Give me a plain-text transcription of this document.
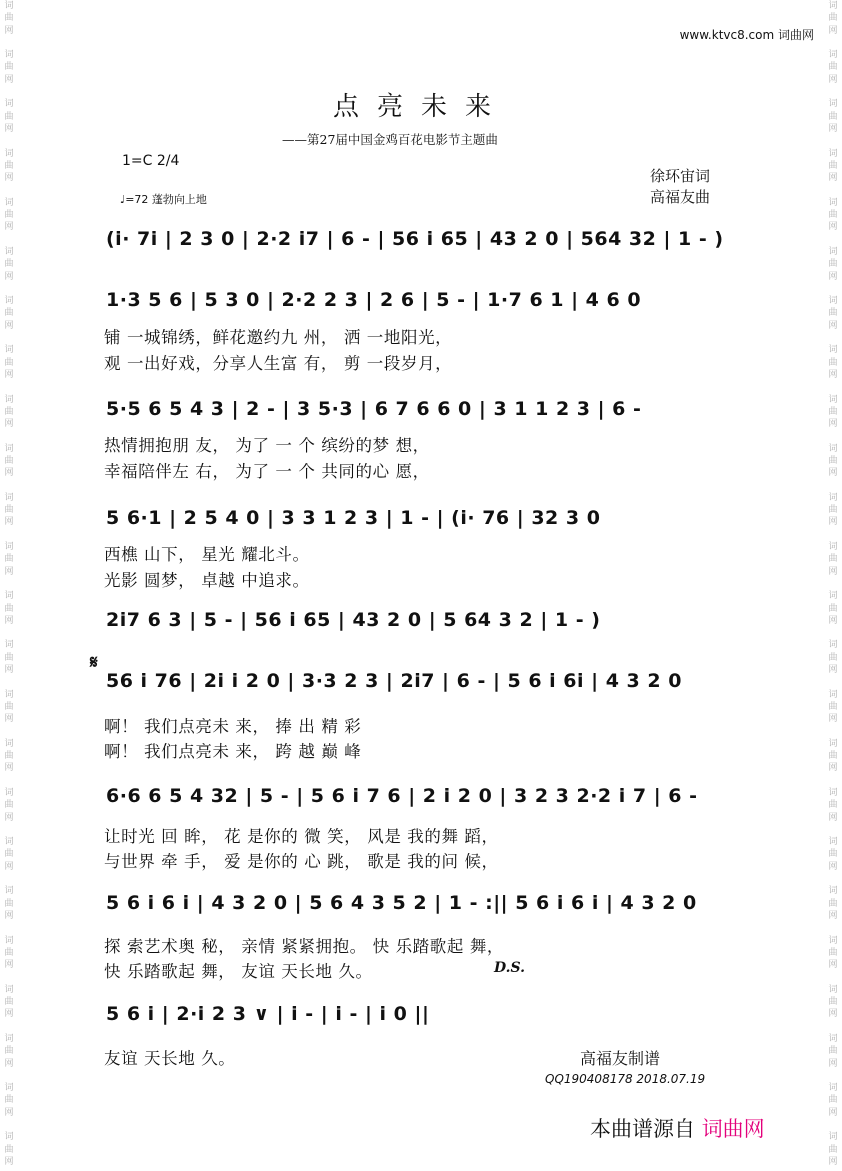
词
曲
网

词
曲
网

词
曲
网

词
曲
网

词
曲
网

词
曲
网

词
曲
网

词
曲
网

词
曲
网

词
曲
网

词
曲
网

词
曲
网

词
曲
网

词
曲
网

词
曲
网

词
曲
网

词
曲
网

词
曲
网

词
曲
网

词
曲
网

词
曲
网

词
曲
网

词
曲
网

词
曲
网
词
曲
网

词
曲
网

词
曲
网

词
曲
网

词
曲
网

词
曲
网

词
曲
网

词
曲
网

词
曲
网

词
曲
网

词
曲
网

词
曲
网

词
曲
网

词
曲
网

词
曲
网

词
曲
网

词
曲
网

词
曲
网

词
曲
网

词
曲
网

词
曲
网

词
曲
网

词
曲
网

词
曲
网
www.ktvc8.com 词曲网
点亮未来
——第27届中国金鸡百花电影节主题曲
1=C 2/4
♩=72 蓬勃向上地
徐环宙词
高福友曲
𝄋
(i· 7i | 2 3 0 | 2·2 i7 | 6 - | 56 i 65 | 43 2 0 | 564 32 | 1 - )
1·3 5 6 | 5 3 0 | 2·2 2 3 | 2 6 | 5 - | 1·7 6 1 | 4 6 0
铺 一城锦绣，鲜花邀约九 州， 洒 一地阳光，
观 一出好戏，分享人生富 有， 剪 一段岁月，
5·5 6 5 4 3 | 2 - | 3 5·3 | 6 7 6 6 0 | 3 1 1 2 3 | 6 -
热情拥抱朋 友， 为了 一 个 缤纷的梦 想，
幸福陪伴左 右， 为了 一 个 共同的心 愿，
5 6·1 | 2 5 4 0 | 3 3 1 2 3 | 1 - | (i· 76 | 32 3 0
西樵 山下， 星光 耀北斗。
光影 圆梦， 卓越 中追求。
2i7 6 3 | 5 - | 56 i 65 | 43 2 0 | 5 64 3 2 | 1 - )
56 i 76 | 2i i 2 0 | 3·3 2 3 | 2i7 | 6 - | 5 6 i 6i | 4 3 2 0
啊！ 我们点亮未 来， 捧 出 精 彩
啊！ 我们点亮未 来， 跨 越 巅 峰
6·6 6 5 4 32 | 5 - | 5 6 i 7 6 | 2 i 2 0 | 3 2 3 2·2 i 7 | 6 -
让时光 回 眸， 花 是你的 微 笑， 风是 我的舞 蹈，
与世界 牵 手， 爱 是你的 心 跳， 歌是 我的问 候，
5 6 i 6 i | 4 3 2 0 | 5 6 4 3 5 2 | 1 - :|| 5 6 i 6 i | 4 3 2 0
探 索艺术奥 秘， 亲情 紧紧拥抱。 快 乐踏歌起 舞，
快 乐踏歌起 舞， 友谊 天长地 久。	D.S.
5 6 i | 2·i 2 3 ∨ | i - | i - | i 0 ||
友谊 天长地 久。	高福友制谱
QQ190408178 2018.07.19
本曲谱源自 词曲网
